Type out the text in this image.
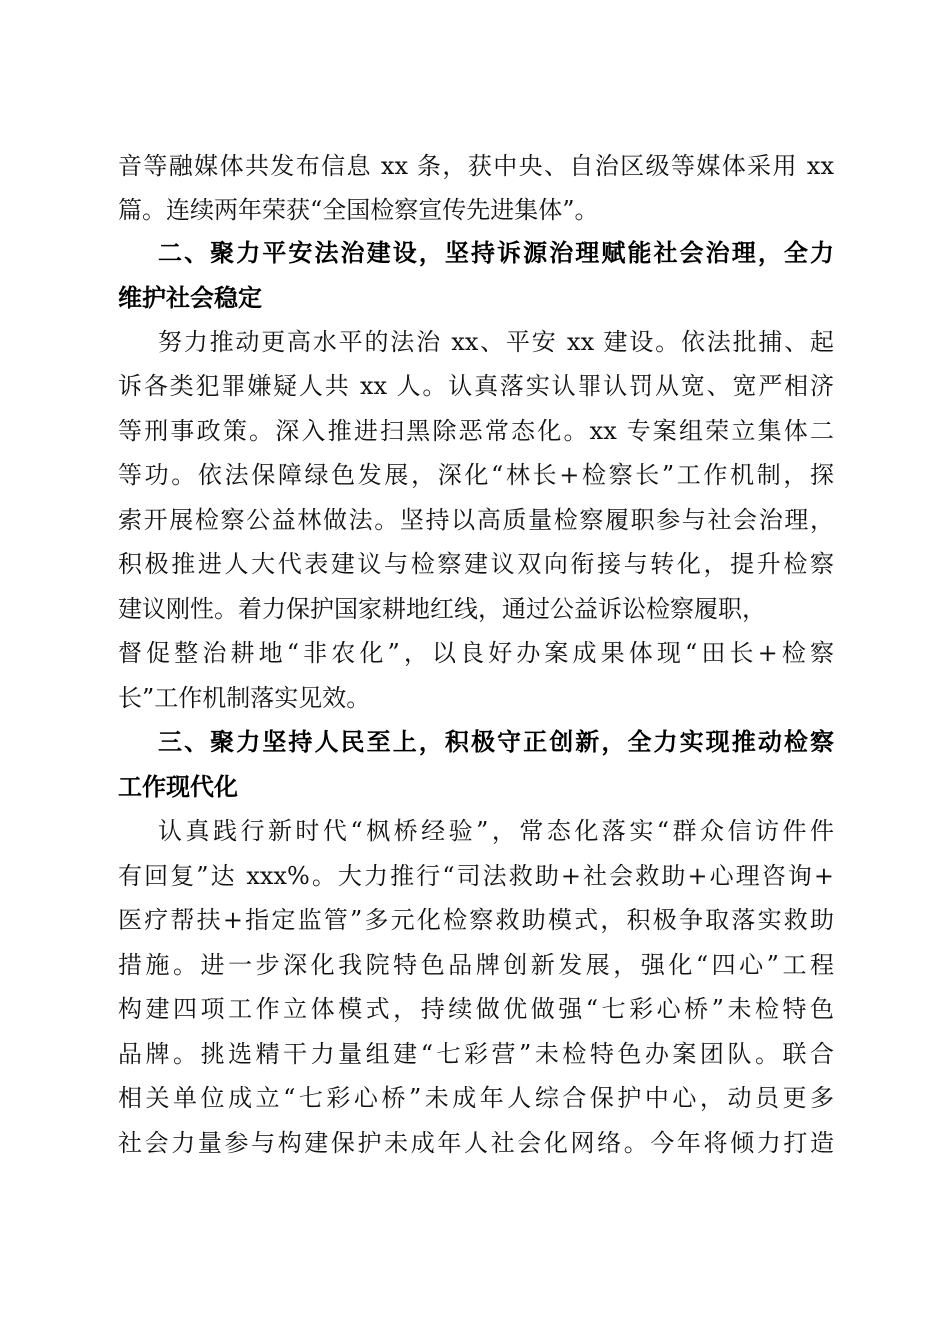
音等融媒体共发布信息 xx 条，获中央、自治区级等媒体采用 xx
篇。连续两年荣获“全国检察宣传先进集体”。
二、聚力平安法治建设，坚持诉源治理赋能社会治理，全力
维护社会稳定
努力推动更高水平的法治 xx、平安 xx 建设。依法批捕、起
诉各类犯罪嫌疑人共 xx 人。认真落实认罪认罚从宽、宽严相济
等刑事政策。深入推进扫黑除恶常态化。xx 专案组荣立集体二
等功。依法保障绿色发展，深化“林长+检察长”工作机制，探
索开展检察公益林做法。坚持以高质量检察履职参与社会治理，
积极推进人大代表建议与检察建议双向衔接与转化，提升检察
建议刚性。着力保护国家耕地红线，通过公益诉讼检察履职，
督促整治耕地“非农化”，以良好办案成果体现“田长+检察
长”工作机制落实见效。
三、聚力坚持人民至上，积极守正创新，全力实现推动检察
工作现代化
认真践行新时代“枫桥经验”，常态化落实“群众信访件件
有回复”达 xxx%。大力推行“司法救助+社会救助+心理咨询+
医疗帮扶+指定监管”多元化检察救助模式，积极争取落实救助
措施。进一步深化我院特色品牌创新发展，强化“四心”工程
构建四项工作立体模式，持续做优做强“七彩心桥”未检特色
品牌。挑选精干力量组建“七彩营”未检特色办案团队。联合
相关单位成立“七彩心桥”未成年人综合保护中心，动员更多
社会力量参与构建保护未成年人社会化网络。今年将倾力打造
